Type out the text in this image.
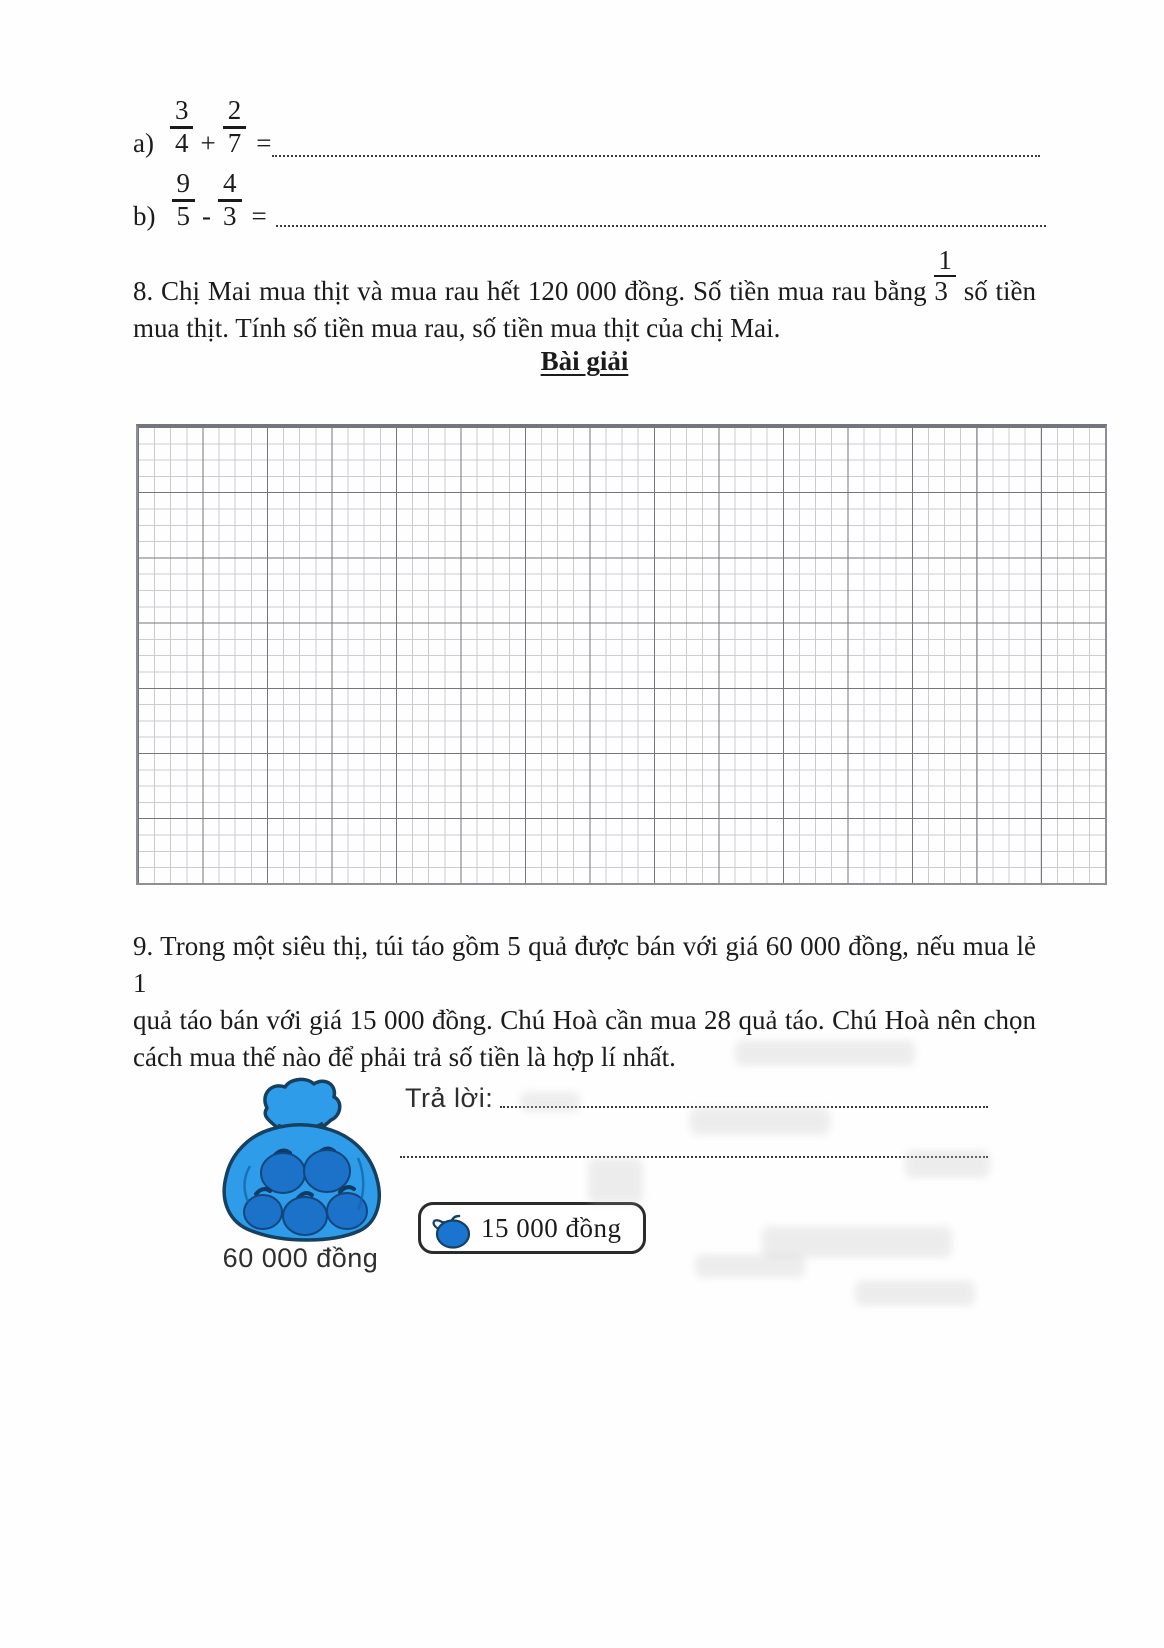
$a) \frac{3}{4} + \frac{2}{7}$ =
$b) \frac{9}{5} - \frac{4}{3}$ =
8. Chị Mai mua thịt và mua rau hết 120 000 đồng. Số tiền mua rau bằng $\frac{1}{3}$ số tiền
mua thịt. Tính số tiền mua rau, số tiền mua thịt của chị Mai.
Bài giải
9. Trong một siêu thị, túi táo gồm 5 quả được bán với giá 60 000 đồng, nếu mua lẻ 1
quả táo bán với giá 15 000 đồng. Chú Hoà cần mua 28 quả táo. Chú Hoà nên chọn
cách mua thế nào để phải trả số tiền là hợp lí nhất.
60 000 đồng
Trả lời:
15 000 đồng
